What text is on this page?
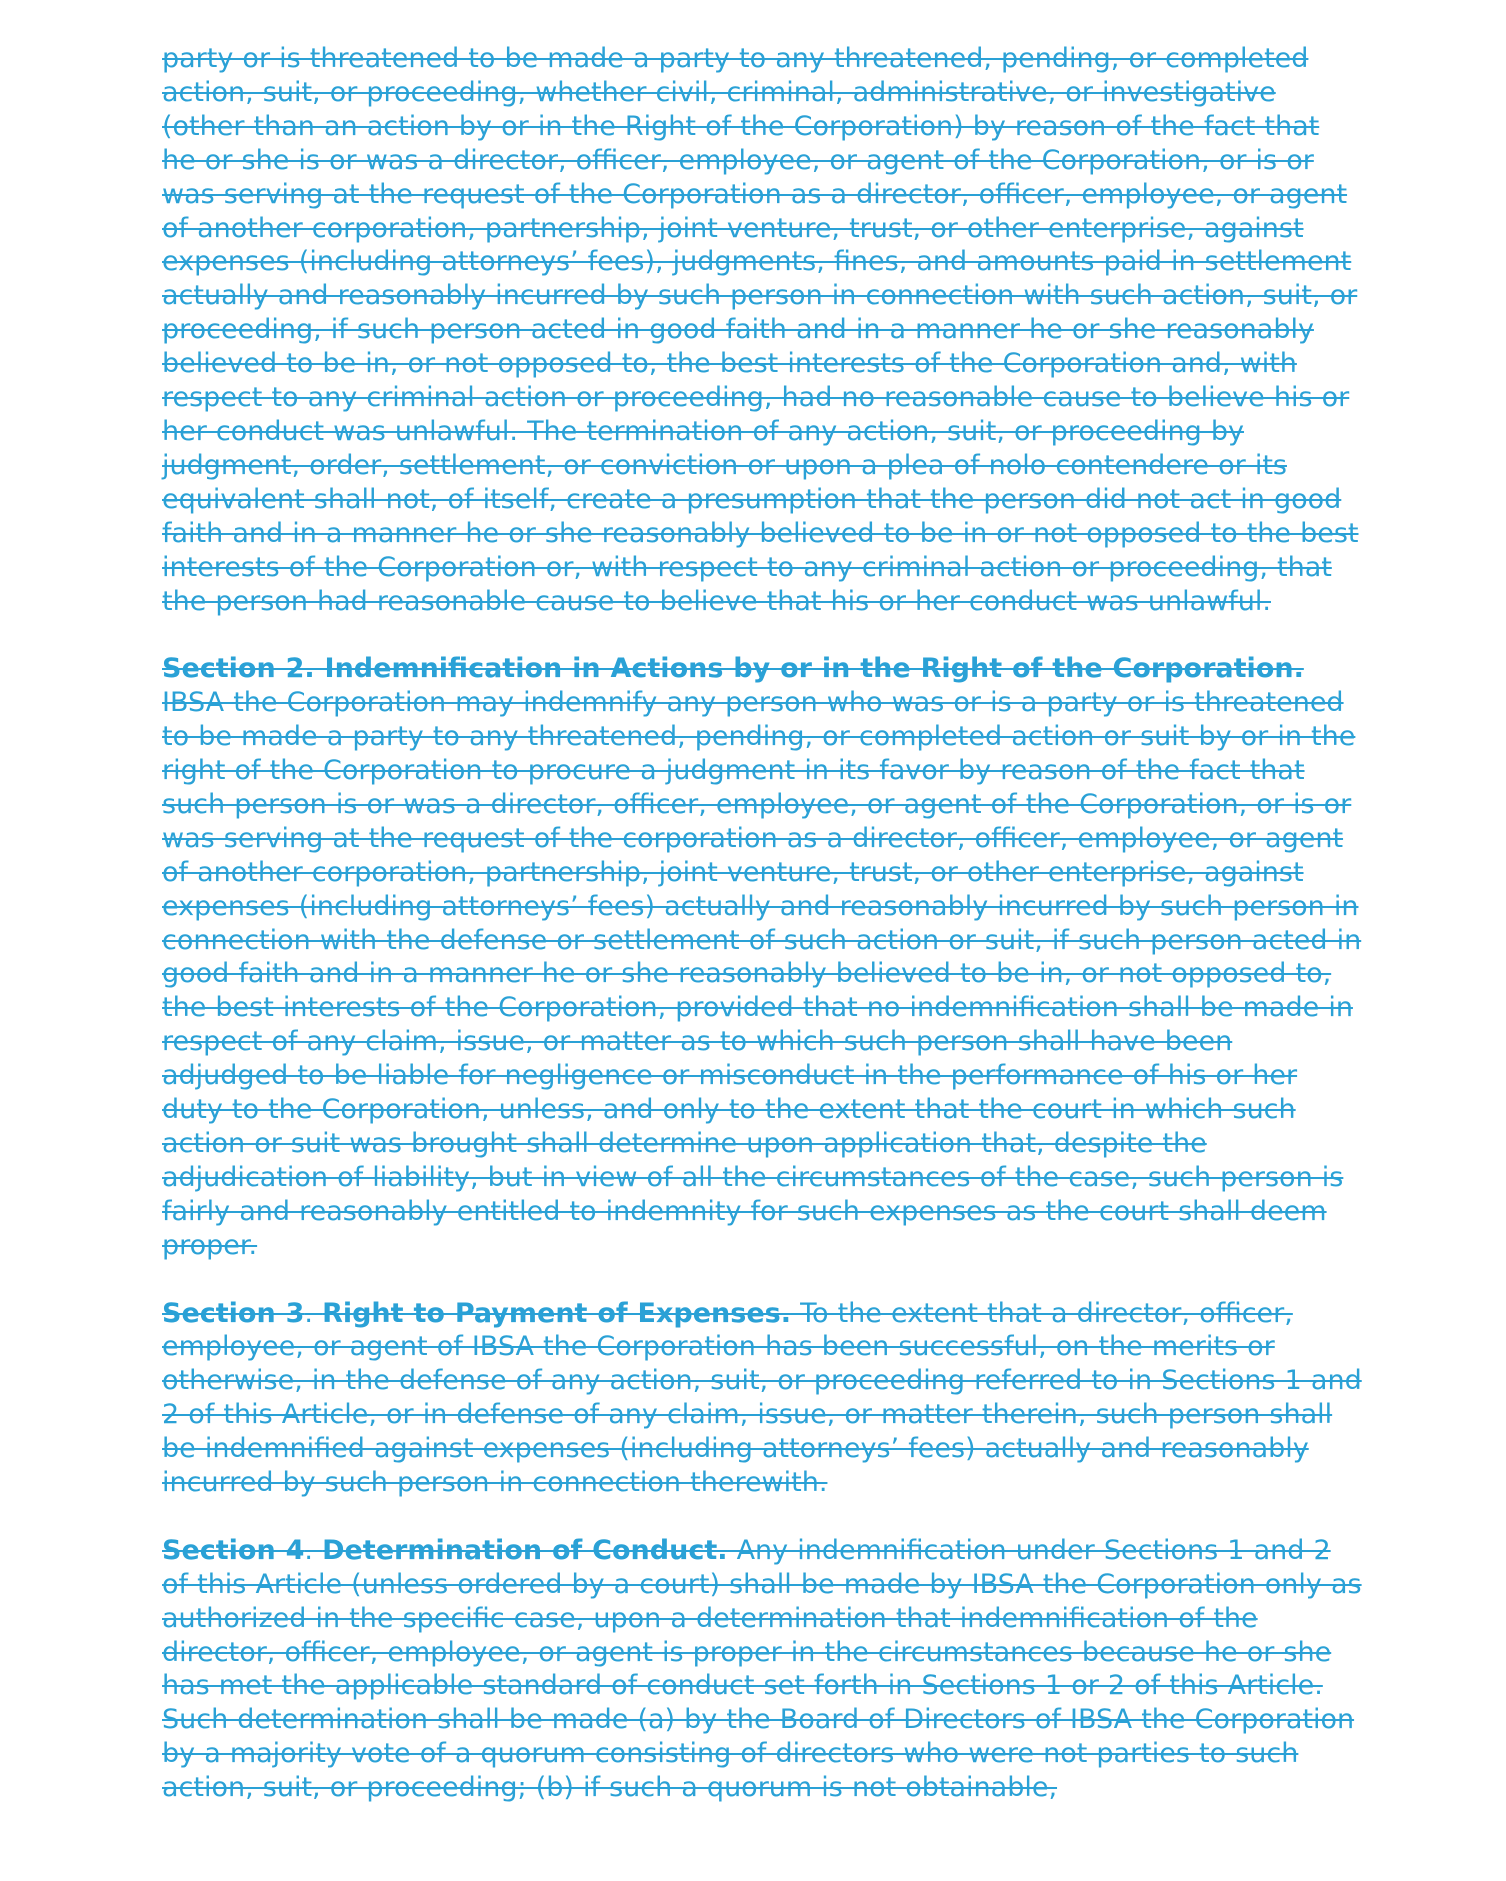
party or is threatened to be made a party to any threatened, pending, or completed action, suit, or proceeding, whether civil, criminal, administrative, or investigative (other than an action by or in the Right of the Corporation) by reason of the fact that he or she is or was a director, officer, employee, or agent of the Corporation, or is or was serving at the request of the Corporation as a director, officer, employee, or agent of another corporation, partnership, joint venture, trust, or other enterprise, against expenses (including attorneys’ fees), judgments, fines, and amounts paid in settlement actually and reasonably incurred by such person in connection with such action, suit, or proceeding, if such person acted in good faith and in a manner he or she reasonably believed to be in, or not opposed to, the best interests of the Corporation and, with respect to any criminal action or proceeding, had no reasonable cause to believe his or her conduct was unlawful. The termination of any action, suit, or proceeding by judgment, order, settlement, or conviction or upon a plea of nolo contendere or its equivalent shall not, of itself, create a presumption that the person did not act in good faith and in a manner he or she reasonably believed to be in or not opposed to the best interests of the Corporation or, with respect to any criminal action or proceeding, that the person had reasonable cause to believe that his or her conduct was unlawful.

Section 2. Indemnification in Actions by or in the Right of the Corporation. IBSA the Corporation may indemnify any person who was or is a party or is threatened to be made a party to any threatened, pending, or completed action or suit by or in the right of the Corporation to procure a judgment in its favor by reason of the fact that such person is or was a director, officer, employee, or agent of the Corporation, or is or was serving at the request of the corporation as a director, officer, employee, or agent of another corporation, partnership, joint venture, trust, or other enterprise, against expenses (including attorneys’ fees) actually and reasonably incurred by such person in connection with the defense or settlement of such action or suit, if such person acted in good faith and in a manner he or she reasonably believed to be in, or not opposed to, the best interests of the Corporation, provided that no indemnification shall be made in respect of any claim, issue, or matter as to which such person shall have been adjudged to be liable for negligence or misconduct in the performance of his or her duty to the Corporation, unless, and only to the extent that the court in which such action or suit was brought shall determine upon application that, despite the adjudication of liability, but in view of all the circumstances of the case, such person is fairly and reasonably entitled to indemnity for such expenses as the court shall deem proper.

Section 3. Right to Payment of Expenses. To the extent that a director, officer, employee, or agent of IBSA the Corporation has been successful, on the merits or otherwise, in the defense of any action, suit, or proceeding referred to in Sections 1 and 2 of this Article, or in defense of any claim, issue, or matter therein, such person shall be indemnified against expenses (including attorneys’ fees) actually and reasonably incurred by such person in connection therewith.

Section 4. Determination of Conduct. Any indemnification under Sections 1 and 2 of this Article (unless ordered by a court) shall be made by IBSA the Corporation only as authorized in the specific case, upon a determination that indemnification of the director, officer, employee, or agent is proper in the circumstances because he or she has met the applicable standard of conduct set forth in Sections 1 or 2 of this Article. Such determination shall be made (a) by the Board of Directors of IBSA the Corporation by a majority vote of a quorum consisting of directors who were not parties to such action, suit, or proceeding; (b) if such a quorum is not obtainable,
